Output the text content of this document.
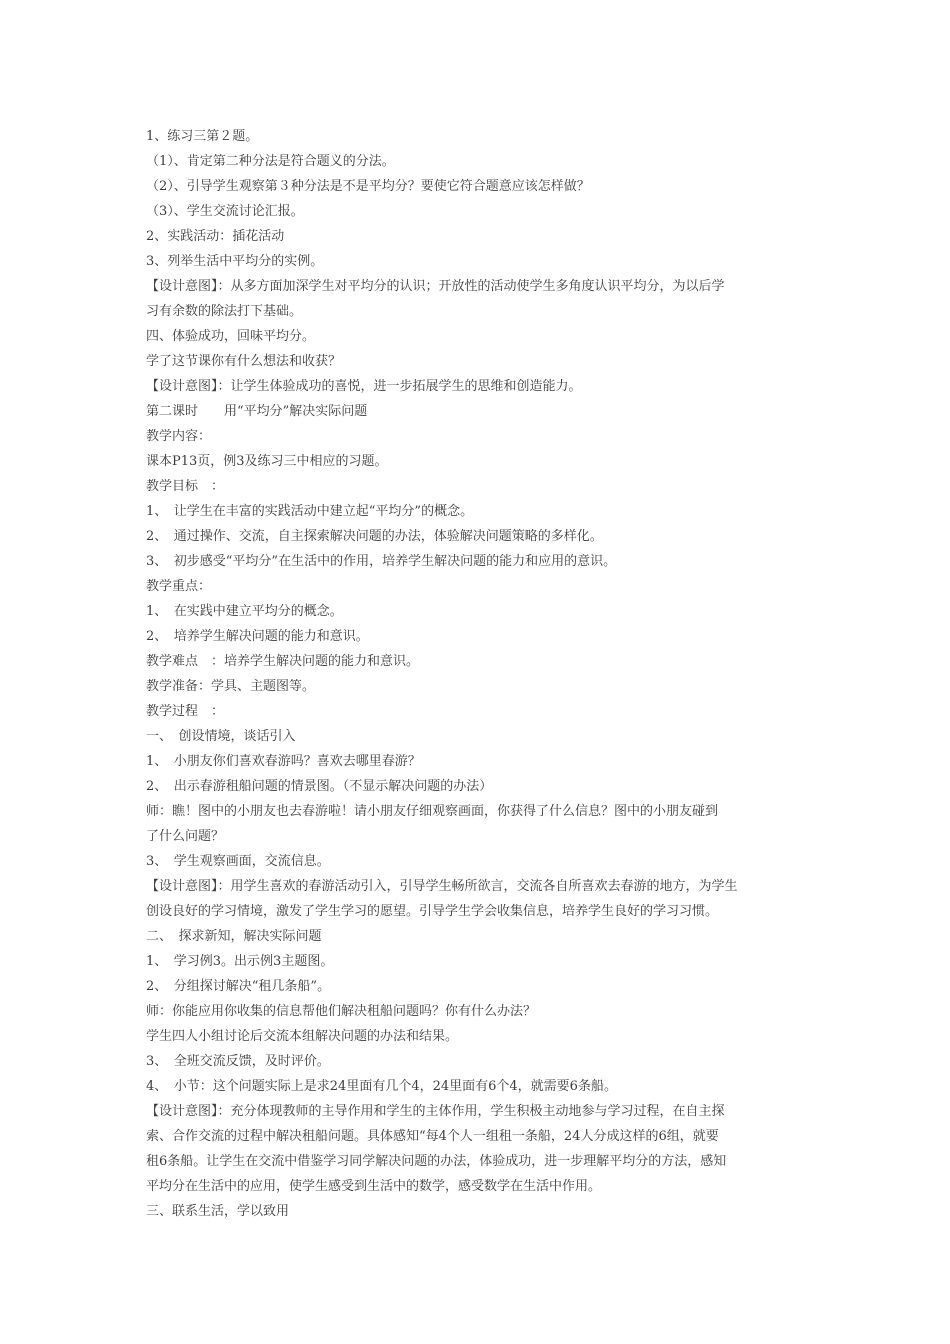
1、练习三第２题。
（1）、肯定第二种分法是符合题义的分法。
（2）、引导学生观察第３种分法是不是平均分？要使它符合题意应该怎样做？
（3）、学生交流讨论汇报。
2、实践活动：插花活动
3、列举生活中平均分的实例。
【设计意图】：从多方面加深学生对平均分的认识；开放性的活动使学生多角度认识平均分，为以后学
习有余数的除法打下基础。
四、体验成功，回味平均分。
学了这节课你有什么想法和收获？
【设计意图】：让学生体验成功的喜悦，进一步拓展学生的思维和创造能力。
第二课时　　用“平均分”解决实际问题
教学内容：
课本P13页，例3及练习三中相应的习题。
教学目标　：
1、　让学生在丰富的实践活动中建立起“平均分”的概念。
2、　通过操作、交流，自主探索解决问题的办法，体验解决问题策略的多样化。
3、　初步感受“平均分”在生活中的作用，培养学生解决问题的能力和应用的意识。
教学重点：
1、　在实践中建立平均分的概念。
2、　培养学生解决问题的能力和意识。
教学难点　：培养学生解决问题的能力和意识。
教学准备：学具、主题图等。
教学过程　：
一、　创设情境，谈话引入
1、　小朋友你们喜欢春游吗？喜欢去哪里春游？
2、　出示春游租船问题的情景图。（不显示解决问题的办法）
师：瞧！图中的小朋友也去春游啦！请小朋友仔细观察画面，你获得了什么信息？图中的小朋友碰到
了什么问题？
3、　学生观察画面，交流信息。
【设计意图】：用学生喜欢的春游活动引入，引导学生畅所欲言，交流各自所喜欢去春游的地方，为学生
创设良好的学习情境，激发了学生学习的愿望。引导学生学会收集信息，培养学生良好的学习习惯。
二、　探求新知，解决实际问题
1、　学习例3。出示例3主题图。
2、　分组探讨解决“租几条船”。
师：你能应用你收集的信息帮他们解决租船问题吗？你有什么办法？
学生四人小组讨论后交流本组解决问题的办法和结果。
3、　全班交流反馈，及时评价。
4、　小节：这个问题实际上是求24里面有几个4，24里面有6个4，就需要6条船。
【设计意图】：充分体现教师的主导作用和学生的主体作用，学生积极主动地参与学习过程，在自主探
索、合作交流的过程中解决租船问题。具体感知“每4个人一组租一条船，24人分成这样的6组，就要
租6条船。让学生在交流中借鉴学习同学解决问题的办法，体验成功，进一步理解平均分的方法，感知
平均分在生活中的应用，使学生感受到生活中的数学，感受数学在生活中作用。
三、联系生活，学以致用
